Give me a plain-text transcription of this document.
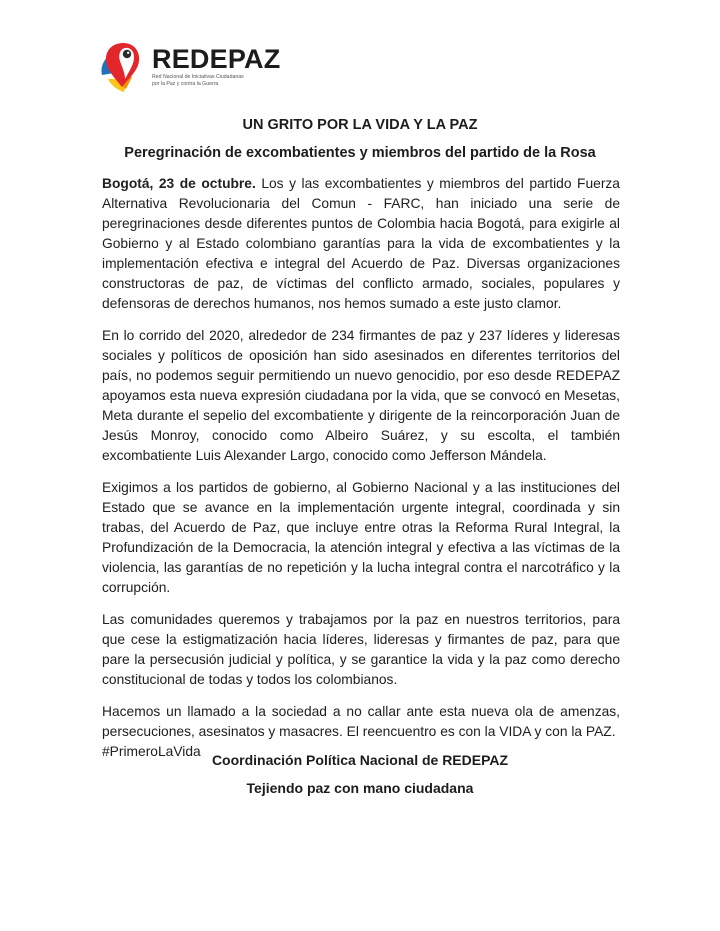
REDEPAZ
Red Nacional de Iniciativas Ciudadanas
por la Paz y contra la Guerra
UN GRITO POR LA VIDA Y LA PAZ
Peregrinación de excombatientes y miembros del partido de la Rosa

Bogotá, 23 de octubre. Los y las excombatientes y miembros del partido Fuerza Alternativa Revolucionaria del Comun - FARC, han iniciado una serie de peregrinaciones desde diferentes puntos de Colombia hacia Bogotá, para exigirle al Gobierno y al Estado colombiano garantías para la vida de excombatientes y la implementación efectiva e integral del Acuerdo de Paz. Diversas organizaciones constructoras de paz, de víctimas del conflicto armado, sociales, populares y defensoras de derechos humanos, nos hemos sumado a este justo clamor.

En lo corrido del 2020, alrededor de 234 firmantes de paz y 237 líderes y lideresas sociales y políticos de oposición han sido asesinados en diferentes territorios del país, no podemos seguir permitiendo un nuevo genocidio, por eso desde REDEPAZ apoyamos esta nueva expresión ciudadana por la vida, que se convocó en Mesetas, Meta durante el sepelio del excombatiente y dirigente de la reincorporación Juan de Jesús Monroy, conocido como Albeiro Suárez, y su escolta, el también excombatiente Luis Alexander Largo, conocido como Jefferson Mándela.

Exigimos a los partidos de gobierno, al Gobierno Nacional y a las instituciones del Estado que se avance en la implementación urgente integral, coordinada y sin trabas, del Acuerdo de Paz, que incluye entre otras la Reforma Rural Integral, la Profundización de la Democracia, la atención integral y efectiva a las víctimas de la violencia, las garantías de no repetición y la lucha integral contra el narcotráfico y la corrupción.

Las comunidades queremos y trabajamos por la paz en nuestros territorios, para que cese la estigmatización hacia líderes, lideresas y firmantes de paz, para que pare la persecusión judicial y política, y se garantice la vida y la paz como derecho constitucional de todas y todos los colombianos.

Hacemos un llamado a la sociedad a no callar ante esta nueva ola de amenzas, persecuciones, asesinatos y masacres. El reencuentro es con la VIDA y con la PAZ.
#PrimeroLaVida

Coordinación Política Nacional de REDEPAZ
Tejiendo paz con mano ciudadana
